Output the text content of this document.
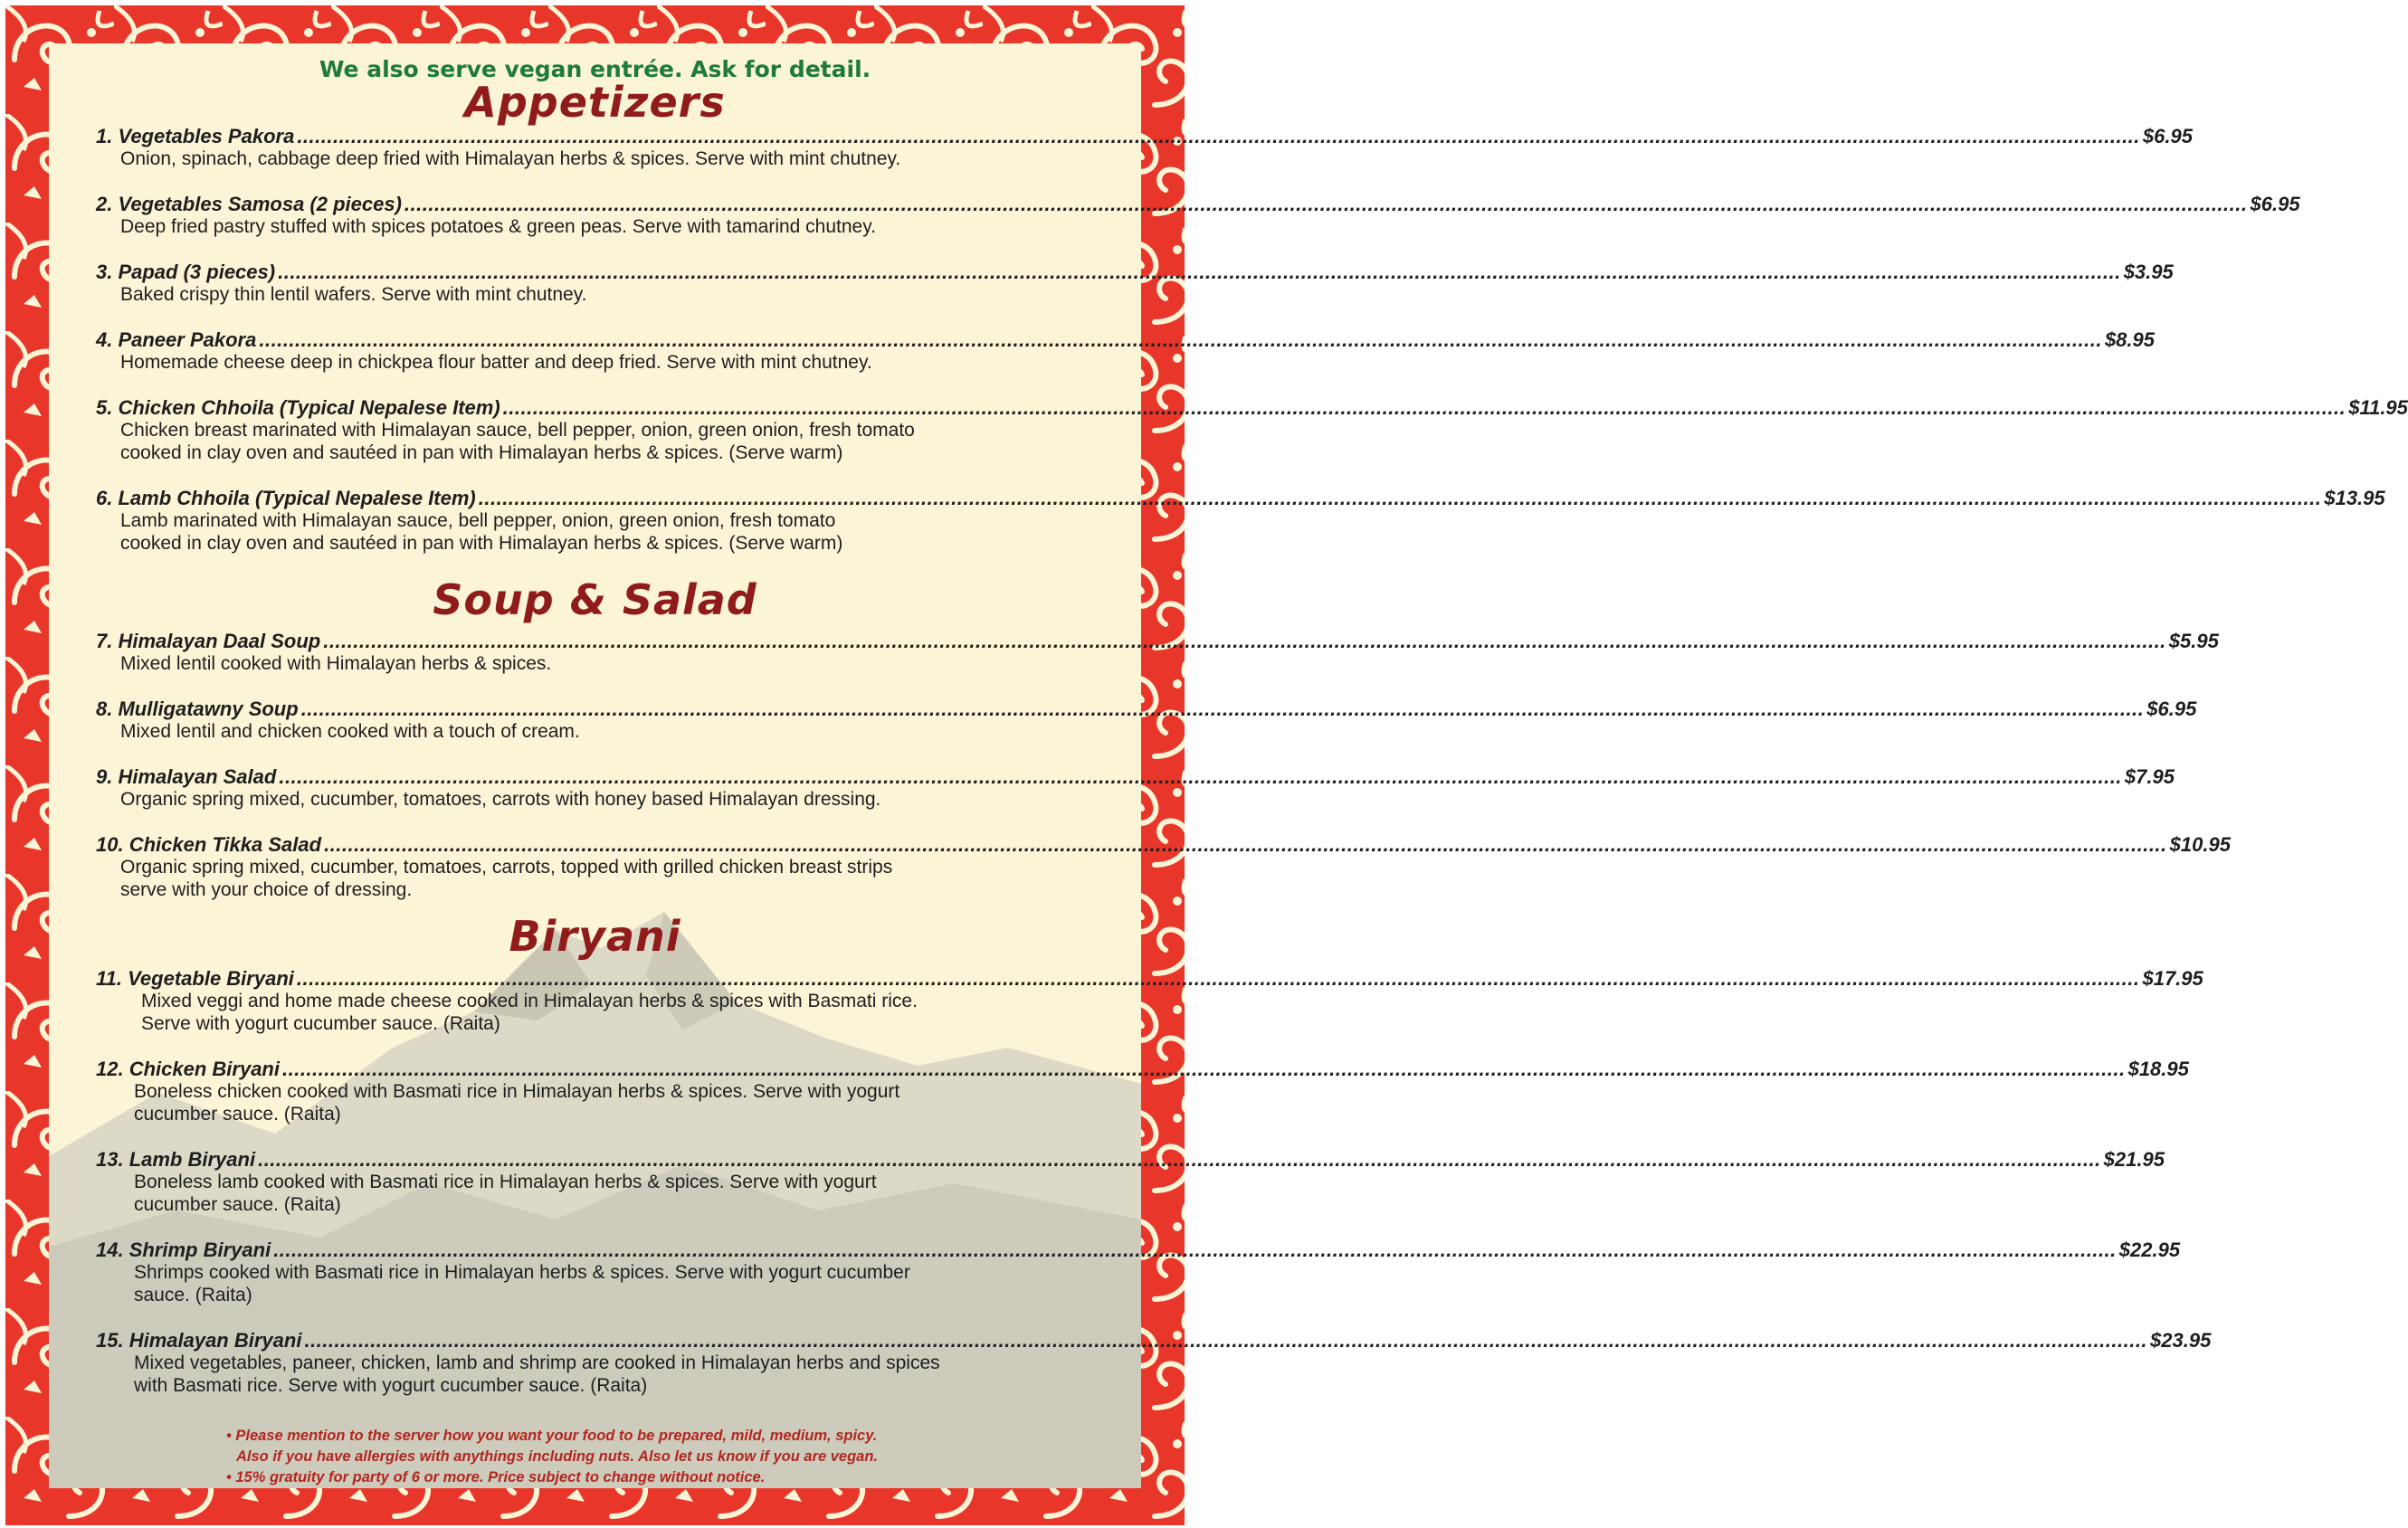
We also serve vegan entrée. Ask for detail.
Appetizers
1. Vegetables Pakora .....	$6.95
Onion, spinach, cabbage deep fried with Himalayan herbs & spices. Serve with mint chutney.
2. Vegetables Samosa (2 pieces) .....	$6.95
Deep fried pastry stuffed with spices potatoes & green peas. Serve with tamarind chutney.
3. Papad (3 pieces) .....	$3.95
Baked crispy thin lentil wafers. Serve with mint chutney.
4. Paneer Pakora .....	$8.95
Homemade cheese deep in chickpea flour batter and deep fried. Serve with mint chutney.
5. Chicken Chhoila (Typical Nepalese Item) .....	$11.95
Chicken breast marinated with Himalayan sauce, bell pepper, onion, green onion, fresh tomato
cooked in clay oven and sautéed in pan with Himalayan herbs & spices. (Serve warm)
6. Lamb Chhoila (Typical Nepalese Item) .....	$13.95
Lamb marinated with Himalayan sauce, bell pepper, onion, green onion, fresh tomato
cooked in clay oven and sautéed in pan with Himalayan herbs & spices. (Serve warm)
Soup & Salad
7. Himalayan Daal Soup .....	$5.95
Mixed lentil cooked with Himalayan herbs & spices.
8. Mulligatawny Soup .....	$6.95
Mixed lentil and chicken cooked with a touch of cream.
9. Himalayan Salad .....	$7.95
Organic spring mixed, cucumber, tomatoes, carrots with honey based Himalayan dressing.
10. Chicken Tikka Salad .....	$10.95
Organic spring mixed, cucumber, tomatoes, carrots, topped with grilled chicken breast strips
serve with your choice of dressing.
Biryani
11. Vegetable Biryani .....	$17.95
Mixed veggi and home made cheese cooked in Himalayan herbs & spices with Basmati rice.
Serve with yogurt cucumber sauce. (Raita)
12. Chicken Biryani .....	$18.95
Boneless chicken cooked with Basmati rice in Himalayan herbs & spices. Serve with yogurt
cucumber sauce. (Raita)
13. Lamb Biryani .....	$21.95
Boneless lamb cooked with Basmati rice in Himalayan herbs & spices. Serve with yogurt
cucumber sauce. (Raita)
14. Shrimp Biryani .....	$22.95
Shrimps cooked with Basmati rice in Himalayan herbs & spices. Serve with yogurt cucumber
sauce. (Raita)
15. Himalayan Biryani .....	$23.95
Mixed vegetables, paneer, chicken, lamb and shrimp are cooked in Himalayan herbs and spices
with Basmati rice. Serve with yogurt cucumber sauce. (Raita)
• Please mention to the server how you want your food to be prepared, mild, medium, spicy.
Also if you have allergies with anythings including nuts. Also let us know if you are vegan.
• 15% gratuity for party of 6 or more. Price subject to change without notice.
